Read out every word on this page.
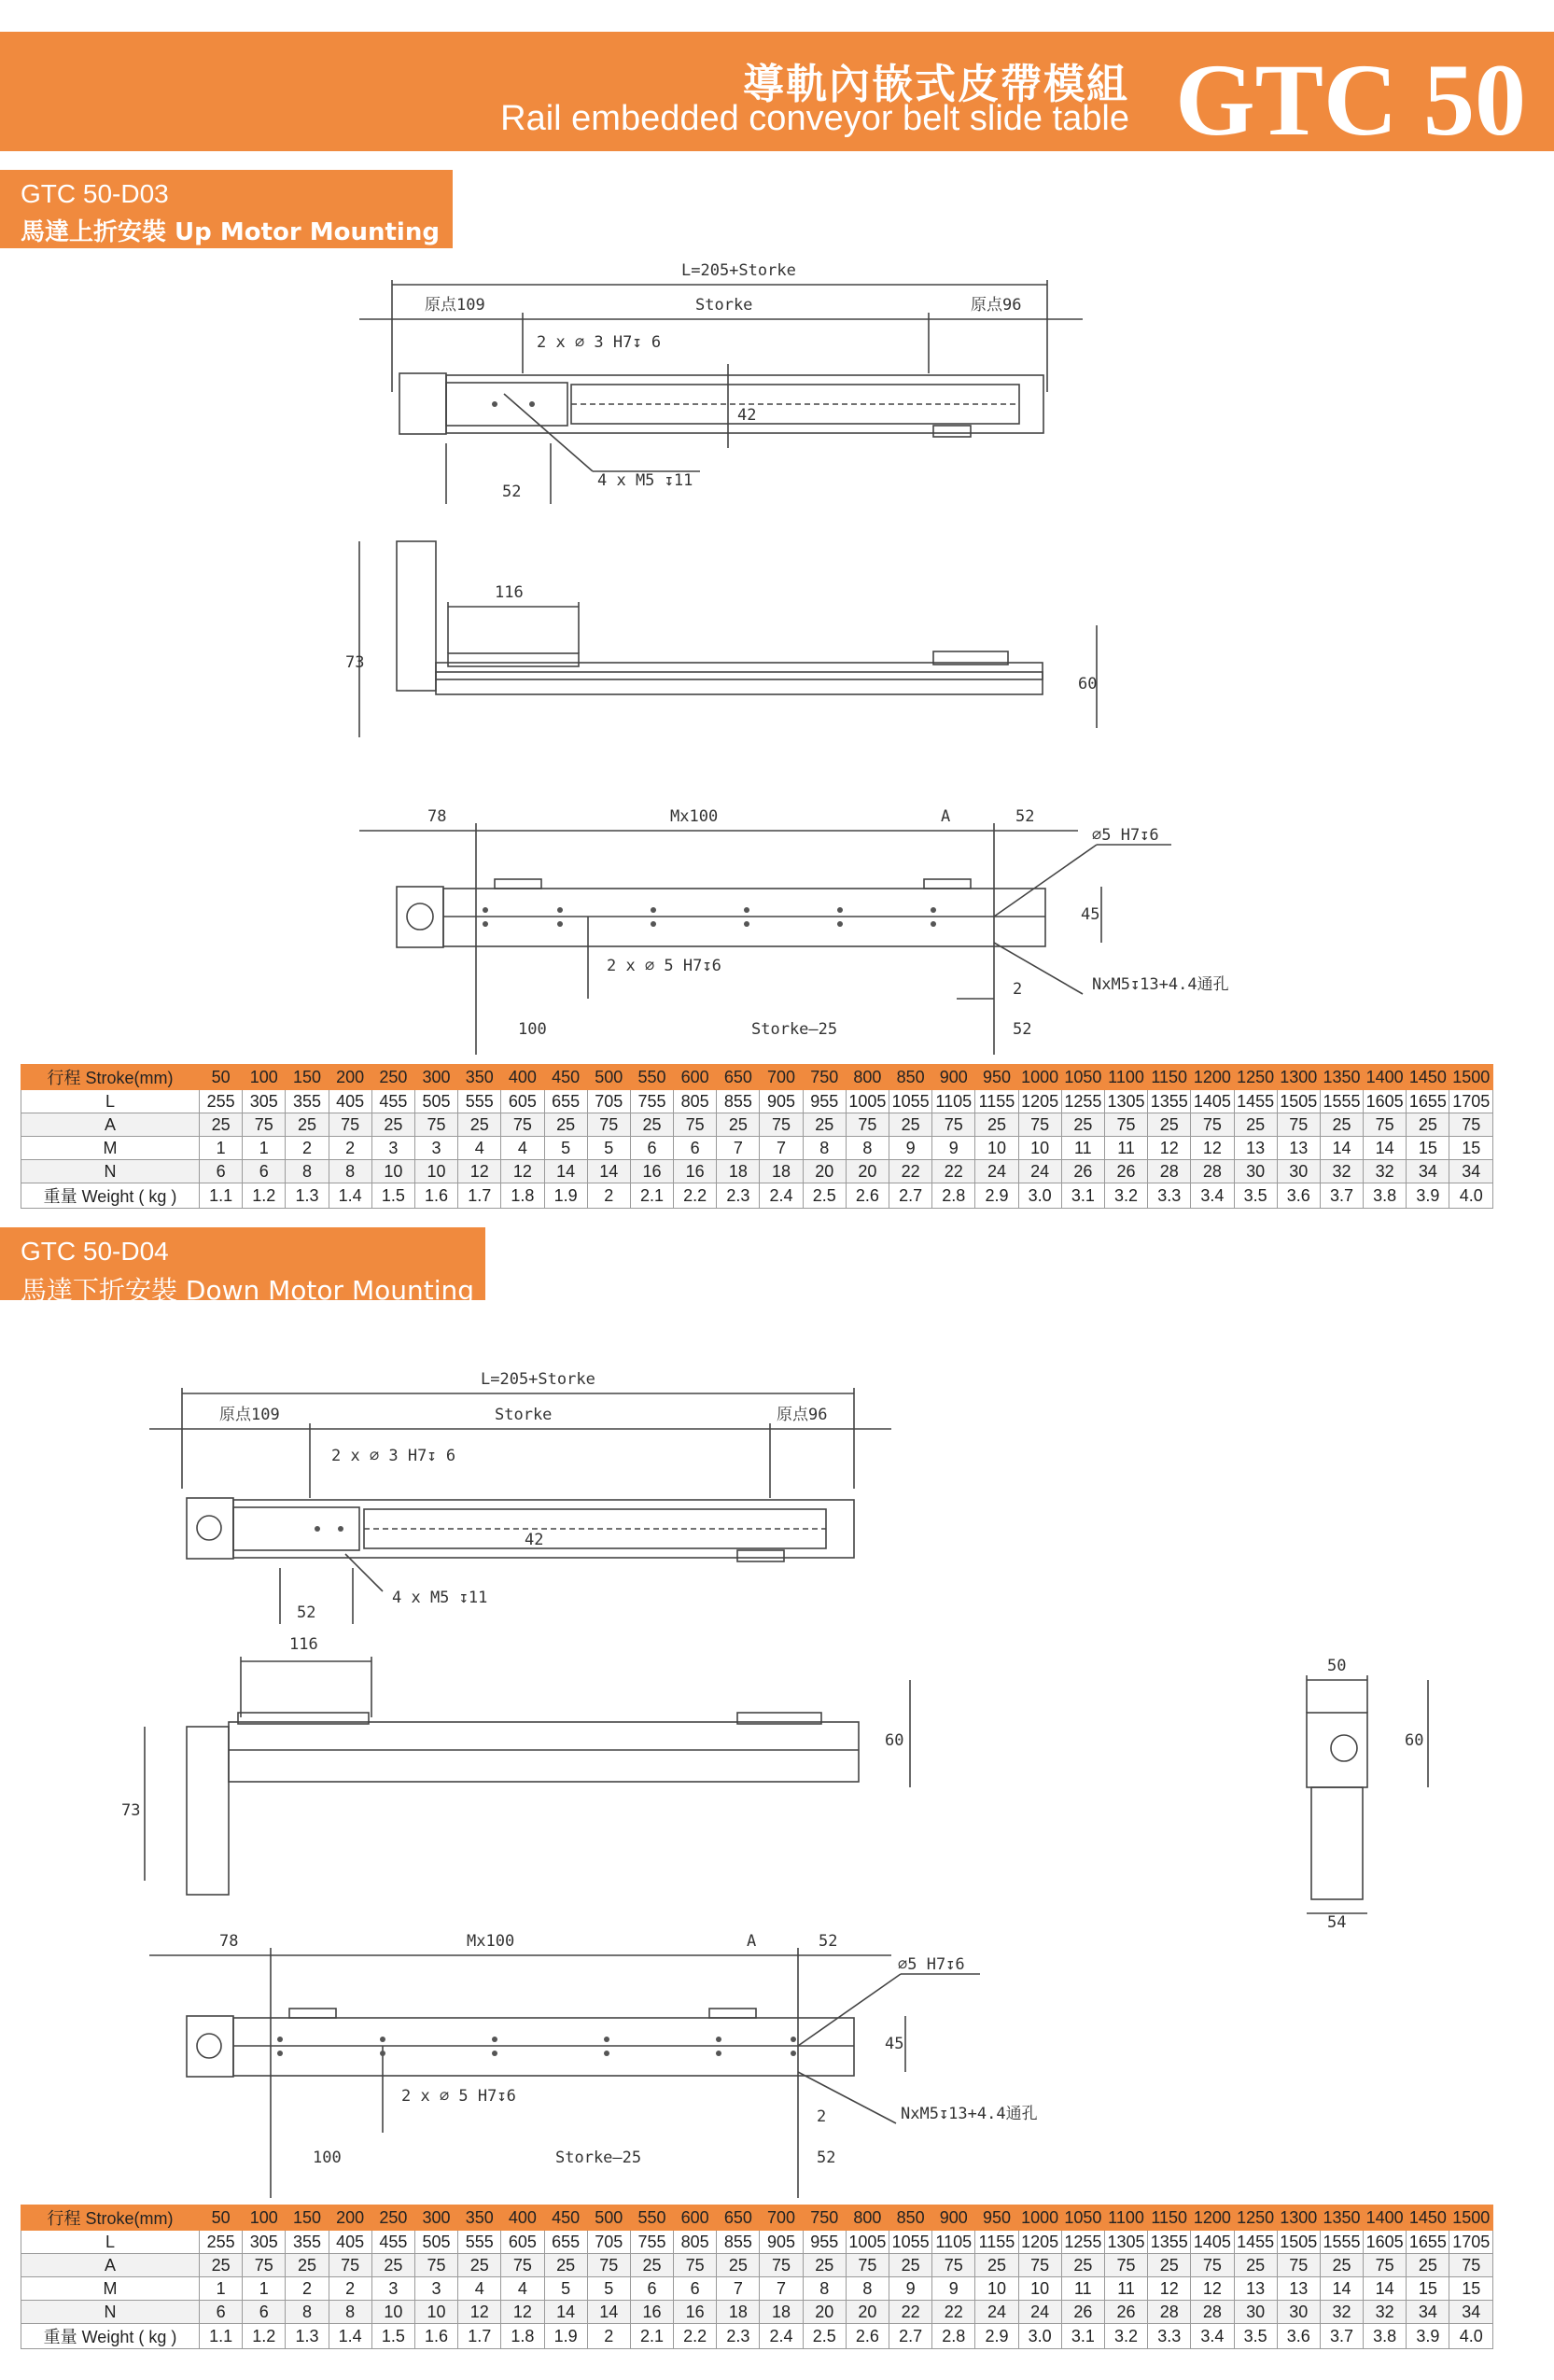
導軌內嵌式皮帶模組
Rail embedded conveyor belt slide table GTC 50
GTC 50-D03
馬達上折安裝 Up Motor Mounting
L=205+Storke
原点109	Storke	原点96
2 x ∅ 3 H7↧ 6
42
52
4 x M5 ↧11
116
73
60
78	Mx100	A	52
∅5 H7↧6
45
2 x ∅ 5 H7↧6
NxM5↧13+4.4通孔
2
100	Storke–25	52
行程 Stroke(mm)	50	100	150	200	250	300	350	400	450	500	550	600	650	700	750	800	850	900	950	1000	1050	1100	1150	1200	1250	1300	1350	1400	1450	1500
L	255	305	355	405	455	505	555	605	655	705	755	805	855	905	955	1005	1055	1105	1155	1205	1255	1305	1355	1405	1455	1505	1555	1605	1655	1705
A	25	75	25	75	25	75	25	75	25	75	25	75	25	75	25	75	25	75	25	75	25	75	25	75	25	75	25	75	25	75
M	1	1	2	2	3	3	4	4	5	5	6	6	7	7	8	8	9	9	10	10	11	11	12	12	13	13	14	14	15	15
N	6	6	8	8	10	10	12	12	14	14	16	16	18	18	20	20	22	22	24	24	26	26	28	28	30	30	32	32	34	34
重量 Weight ( kg )	1.1	1.2	1.3	1.4	1.5	1.6	1.7	1.8	1.9	2	2.1	2.2	2.3	2.4	2.5	2.6	2.7	2.8	2.9	3.0	3.1	3.2	3.3	3.4	3.5	3.6	3.7	3.8	3.9	4.0
GTC 50-D04
馬達下折安裝 Down Motor Mounting
L=205+Storke
原点109	Storke	原点96
2 x ∅ 3 H7↧ 6
42
52
4 x M5 ↧11
116
73
60
50
60
54
78	Mx100	A	52
∅5 H7↧6
45
2 x ∅ 5 H7↧6
NxM5↧13+4.4通孔
2
100	Storke–25	52
行程 Stroke(mm)	50	100	150	200	250	300	350	400	450	500	550	600	650	700	750	800	850	900	950	1000	1050	1100	1150	1200	1250	1300	1350	1400	1450	1500
L	255	305	355	405	455	505	555	605	655	705	755	805	855	905	955	1005	1055	1105	1155	1205	1255	1305	1355	1405	1455	1505	1555	1605	1655	1705
A	25	75	25	75	25	75	25	75	25	75	25	75	25	75	25	75	25	75	25	75	25	75	25	75	25	75	25	75	25	75
M	1	1	2	2	3	3	4	4	5	5	6	6	7	7	8	8	9	9	10	10	11	11	12	12	13	13	14	14	15	15
N	6	6	8	8	10	10	12	12	14	14	16	16	18	18	20	20	22	22	24	24	26	26	28	28	30	30	32	32	34	34
重量 Weight ( kg )	1.1	1.2	1.3	1.4	1.5	1.6	1.7	1.8	1.9	2	2.1	2.2	2.3	2.4	2.5	2.6	2.7	2.8	2.9	3.0	3.1	3.2	3.3	3.4	3.5	3.6	3.7	3.8	3.9	4.0
